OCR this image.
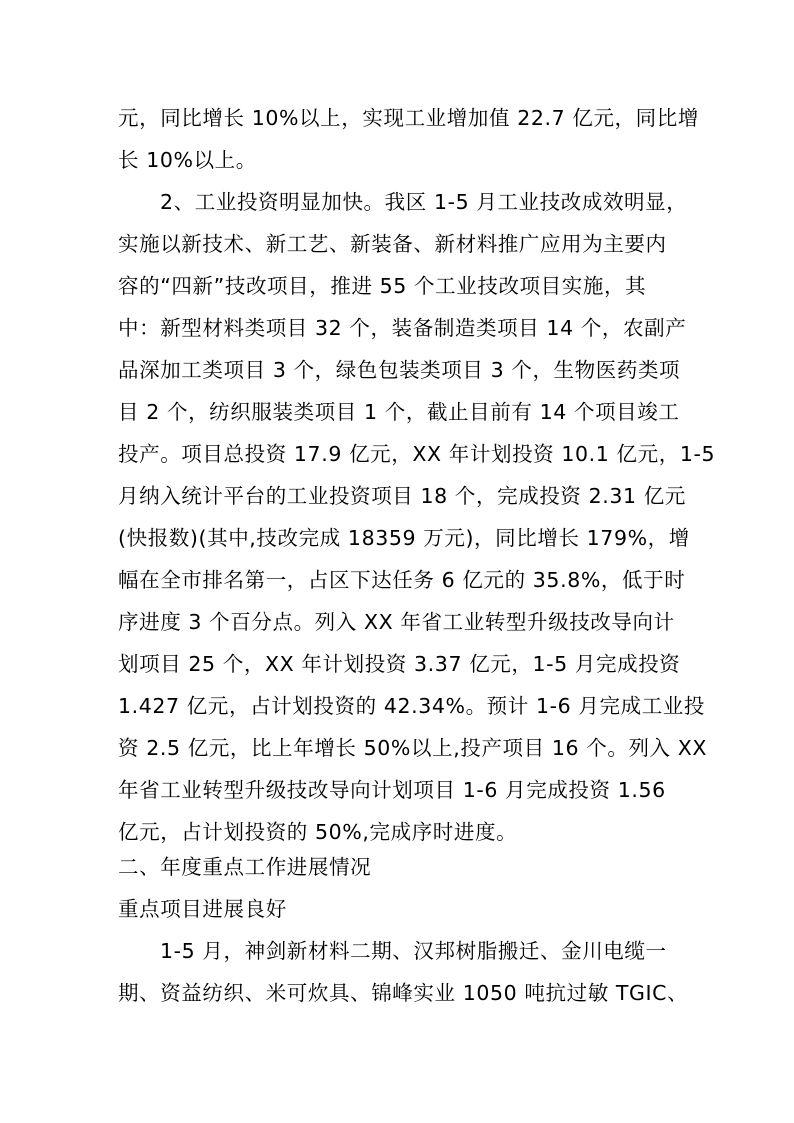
元，同比增长 10%以上，实现工业增加值 22.7 亿元，同比增
长 10%以上。
2、工业投资明显加快。我区 1-5 月工业技改成效明显，
实施以新技术、新工艺、新装备、新材料推广应用为主要内
容的“四新”技改项目，推进 55 个工业技改项目实施，其
中：新型材料类项目 32 个，装备制造类项目 14 个，农副产
品深加工类项目 3 个，绿色包装类项目 3 个，生物医药类项
目 2 个，纺织服装类项目 1 个，截止目前有 14 个项目竣工
投产。项目总投资 17.9 亿元，XX 年计划投资 10.1 亿元，1-5
月纳入统计平台的工业投资项目 18 个，完成投资 2.31 亿元
(快报数)(其中,技改完成 18359 万元)，同比增长 179%，增
幅在全市排名第一，占区下达任务 6 亿元的 35.8%，低于时
序进度 3 个百分点。列入 XX 年省工业转型升级技改导向计
划项目 25 个，XX 年计划投资 3.37 亿元，1-5 月完成投资
1.427 亿元，占计划投资的 42.34%。预计 1-6 月完成工业投
资 2.5 亿元，比上年增长 50%以上,投产项目 16 个。列入 XX
年省工业转型升级技改导向计划项目 1-6 月完成投资 1.56
亿元，占计划投资的 50%,完成序时进度。
二、年度重点工作进展情况
重点项目进展良好
1-5 月，神剑新材料二期、汉邦树脂搬迁、金川电缆一
期、资益纺织、米可炊具、锦峰实业 1050 吨抗过敏 TGIC、
